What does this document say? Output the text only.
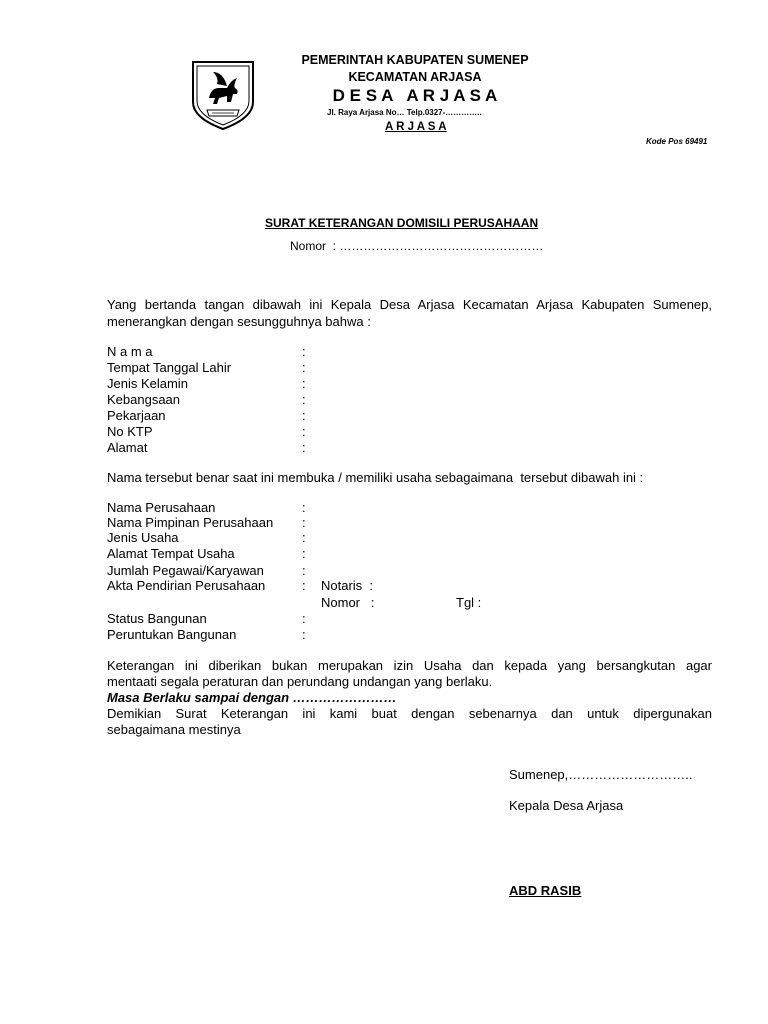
PEMERINTAH KABUPATEN SUMENEP
KECAMATAN ARJASA
D E S A   A R J A S A
Jl. Raya Arjasa No… Telp.0327-…………..
A R J A S A
Kode Pos 69491
SURAT KETERANGAN DOMISILI PERUSAHAAN
Nomor  : ……………………………………………
Yang bertanda tangan dibawah ini Kepala Desa Arjasa Kecamatan Arjasa Kabupaten Sumenep,
menerangkan dengan sesungguhnya bahwa :
N a m a	:
Tempat Tanggal Lahir	:
Jenis Kelamin	:
Kebangsaan	:
Pekarjaan	:
No KTP	:
Alamat	:
Nama tersebut benar saat ini membuka / memiliki usaha sebagaimana  tersebut dibawah ini :
Nama Perusahaan	:
Nama Pimpinan Perusahaan :
Jenis Usaha	:
Alamat Tempat Usaha	:
Jumlah Pegawai/Karyawan	:
Akta Pendirian Perusahaan	: Notaris  :
Nomor   :	Tgl :
Status Bangunan	:
Peruntukan Bangunan	:
Keterangan ini diberikan bukan merupakan izin Usaha dan kepada yang bersangkutan agar
mentaati segala peraturan dan perundang undangan yang berlaku.
Masa Berlaku sampai dengan ……………………
Demikian Surat Keterangan ini kami buat dengan sebenarnya dan untuk dipergunakan
sebagaimana mestinya
Sumenep,………………………..
Kepala Desa Arjasa
ABD RASIB
